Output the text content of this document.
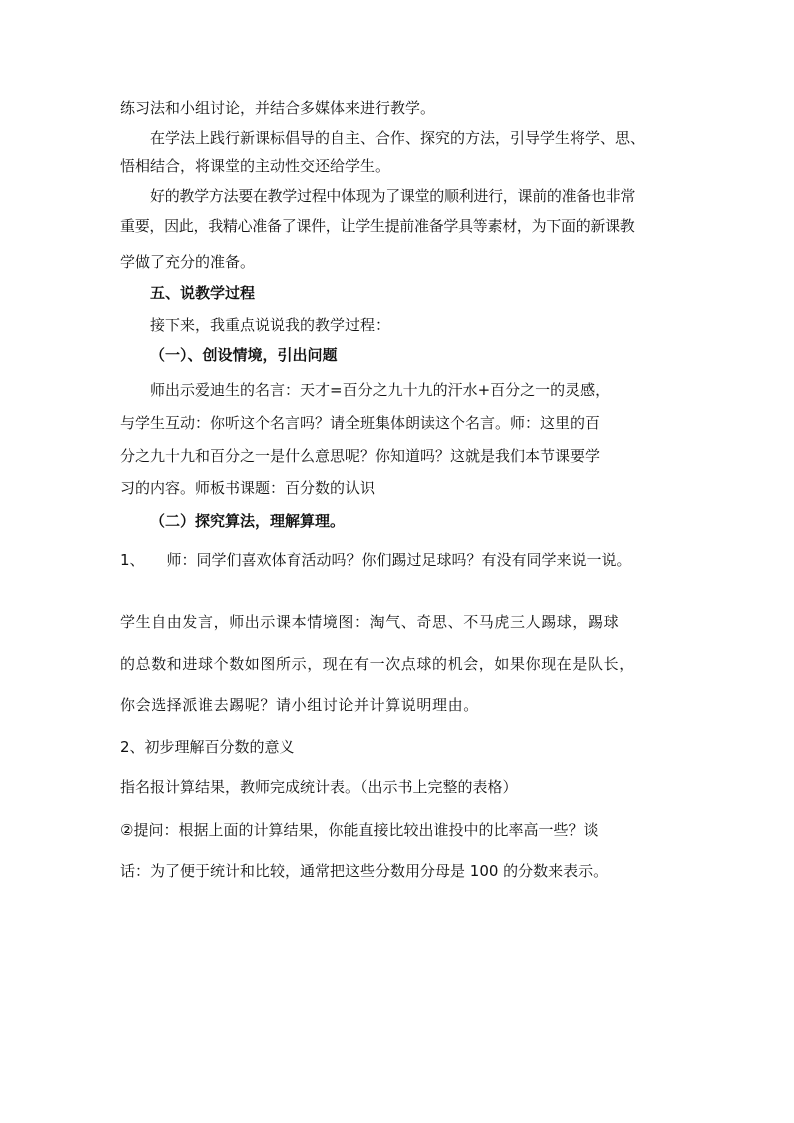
练习法和小组讨论，并结合多媒体来进行教学。
在学法上践行新课标倡导的自主、合作、探究的方法，引导学生将学、思、
悟相结合，将课堂的主动性交还给学生。
好的教学方法要在教学过程中体现为了课堂的顺利进行，课前的准备也非常
重要，因此，我精心准备了课件，让学生提前准备学具等素材，为下面的新课教
学做了充分的准备。
五、说教学过程
接下来，我重点说说我的教学过程：
（一）、创设情境，引出问题
师出示爱迪生的名言：天才=百分之九十九的汗水+百分之一的灵感，
与学生互动：你听这个名言吗？请全班集体朗读这个名言。师：这里的百
分之九十九和百分之一是什么意思呢？你知道吗？这就是我们本节课要学
习的内容。师板书课题：百分数的认识
（二）探究算法，理解算理。
1、 师：同学们喜欢体育活动吗？你们踢过足球吗？有没有同学来说一说。
学生自由发言，师出示课本情境图：淘气、奇思、不马虎三人踢球，踢球
的总数和进球个数如图所示，现在有一次点球的机会，如果你现在是队长，
你会选择派谁去踢呢？请小组讨论并计算说明理由。
2、初步理解百分数的意义
指名报计算结果，教师完成统计表。（出示书上完整的表格）
②提问：根据上面的计算结果，你能直接比较出谁投中的比率高一些？谈
话：为了便于统计和比较，通常把这些分数用分母是 100 的分数来表示。
